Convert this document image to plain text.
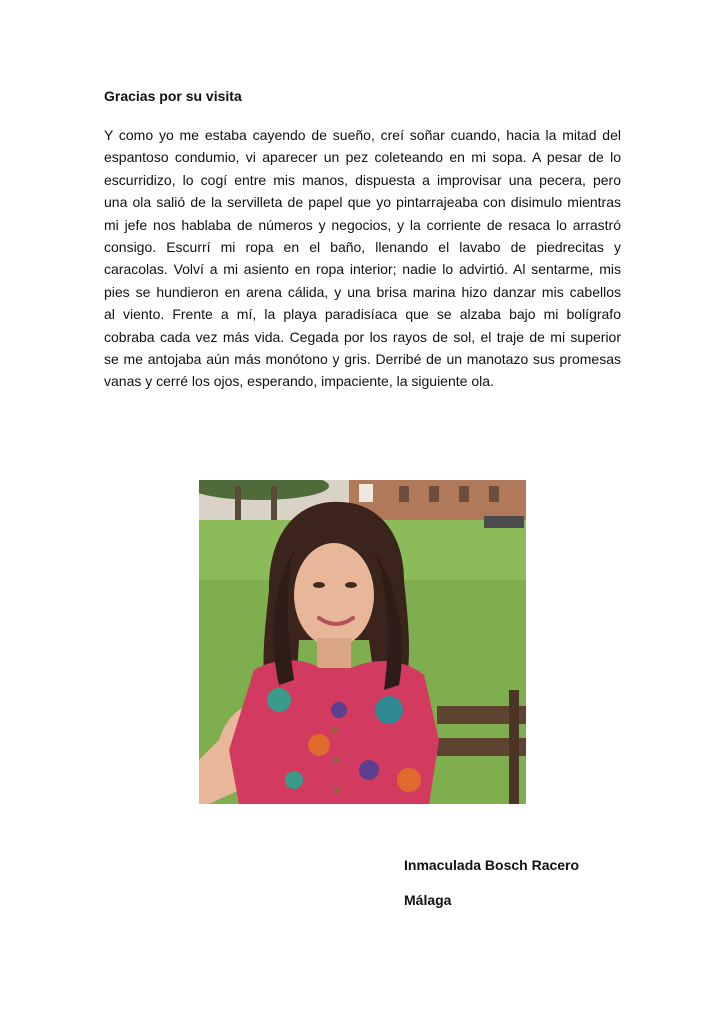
Gracias por su visita
Y como yo me estaba cayendo de sueño, creí soñar cuando, hacia la mitad del
espantoso condumio, vi aparecer un pez coleteando en mi sopa. A pesar de lo
escurridizo, lo cogí entre mis manos, dispuesta a improvisar una pecera, pero
una ola salió de la servilleta de papel que yo pintarrajeaba con disimulo mientras
mi jefe nos hablaba de números y negocios, y la corriente de resaca lo arrastró
consigo. Escurrí mi ropa en el baño, llenando el lavabo de piedrecitas y
caracolas. Volví a mi asiento en ropa interior; nadie lo advirtió. Al sentarme, mis
pies se hundieron en arena cálida, y una brisa marina hizo danzar mis cabellos
al viento. Frente a mí, la playa paradisíaca que se alzaba bajo mi bolígrafo
cobraba cada vez más vida. Cegada por los rayos de sol, el traje de mi superior
se me antojaba aún más monótono y gris. Derribé de un manotazo sus promesas
vanas y cerré los ojos, esperando, impaciente, la siguiente ola.
Inmaculada Bosch Racero
Málaga
